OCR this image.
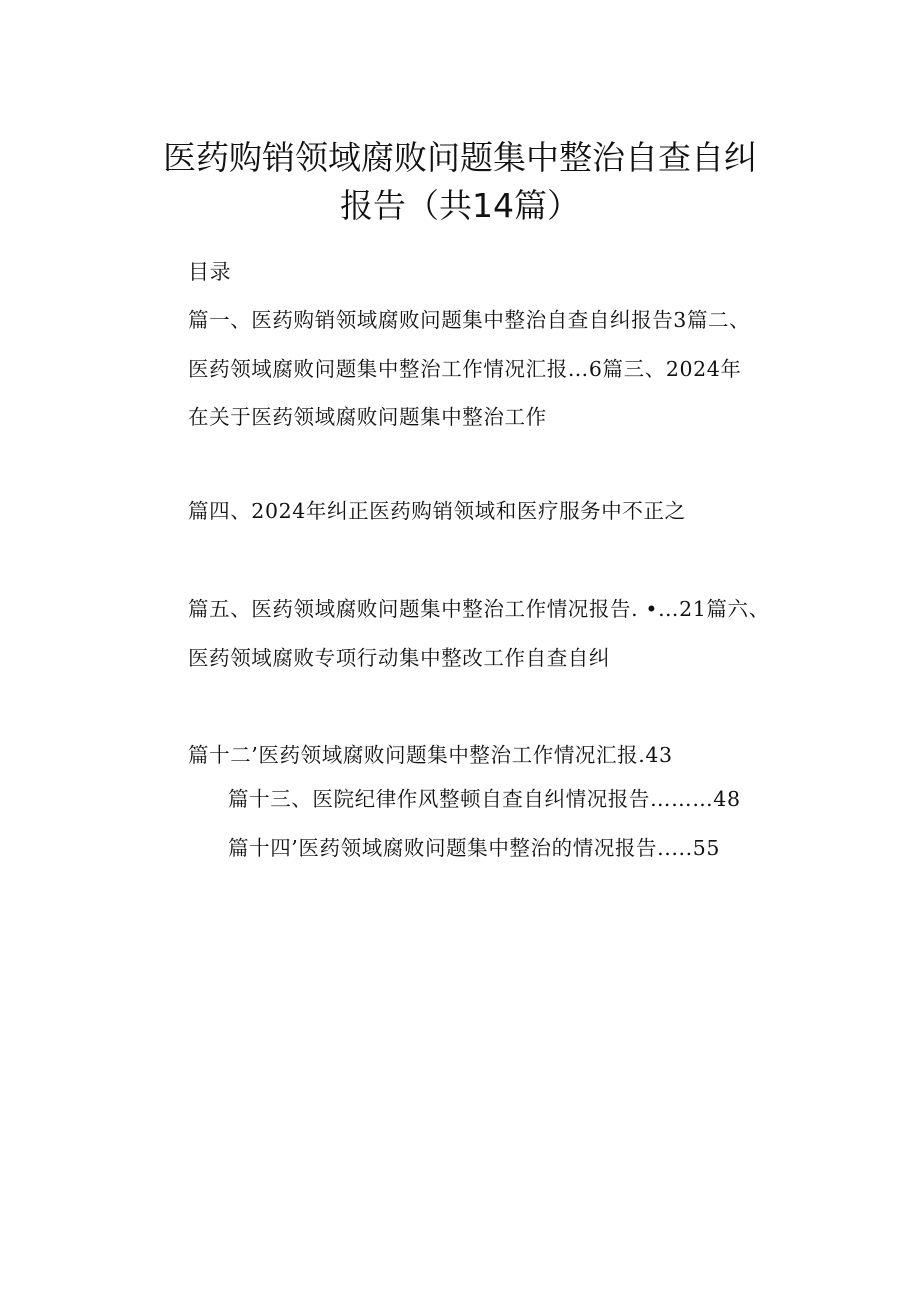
医药购销领域腐败问题集中整治自查自纠
报告（共14篇）
目录
篇一、医药购销领域腐败问题集中整治自查自纠报告3篇二、
医药领域腐败问题集中整治工作情况汇报…6篇三、2024年
在关于医药领域腐败问题集中整治工作
篇四、2024年纠正医药购销领域和医疗服务中不正之
篇五、医药领域腐败问题集中整治工作情况报告. •…21篇六、
医药领域腐败专项行动集中整改工作自查自纠
篇十二’医药领域腐败问题集中整治工作情况汇报.43
篇十三、医院纪律作风整顿自查自纠情况报告………48
篇十四’医药领域腐败问题集中整治的情况报告.....55
